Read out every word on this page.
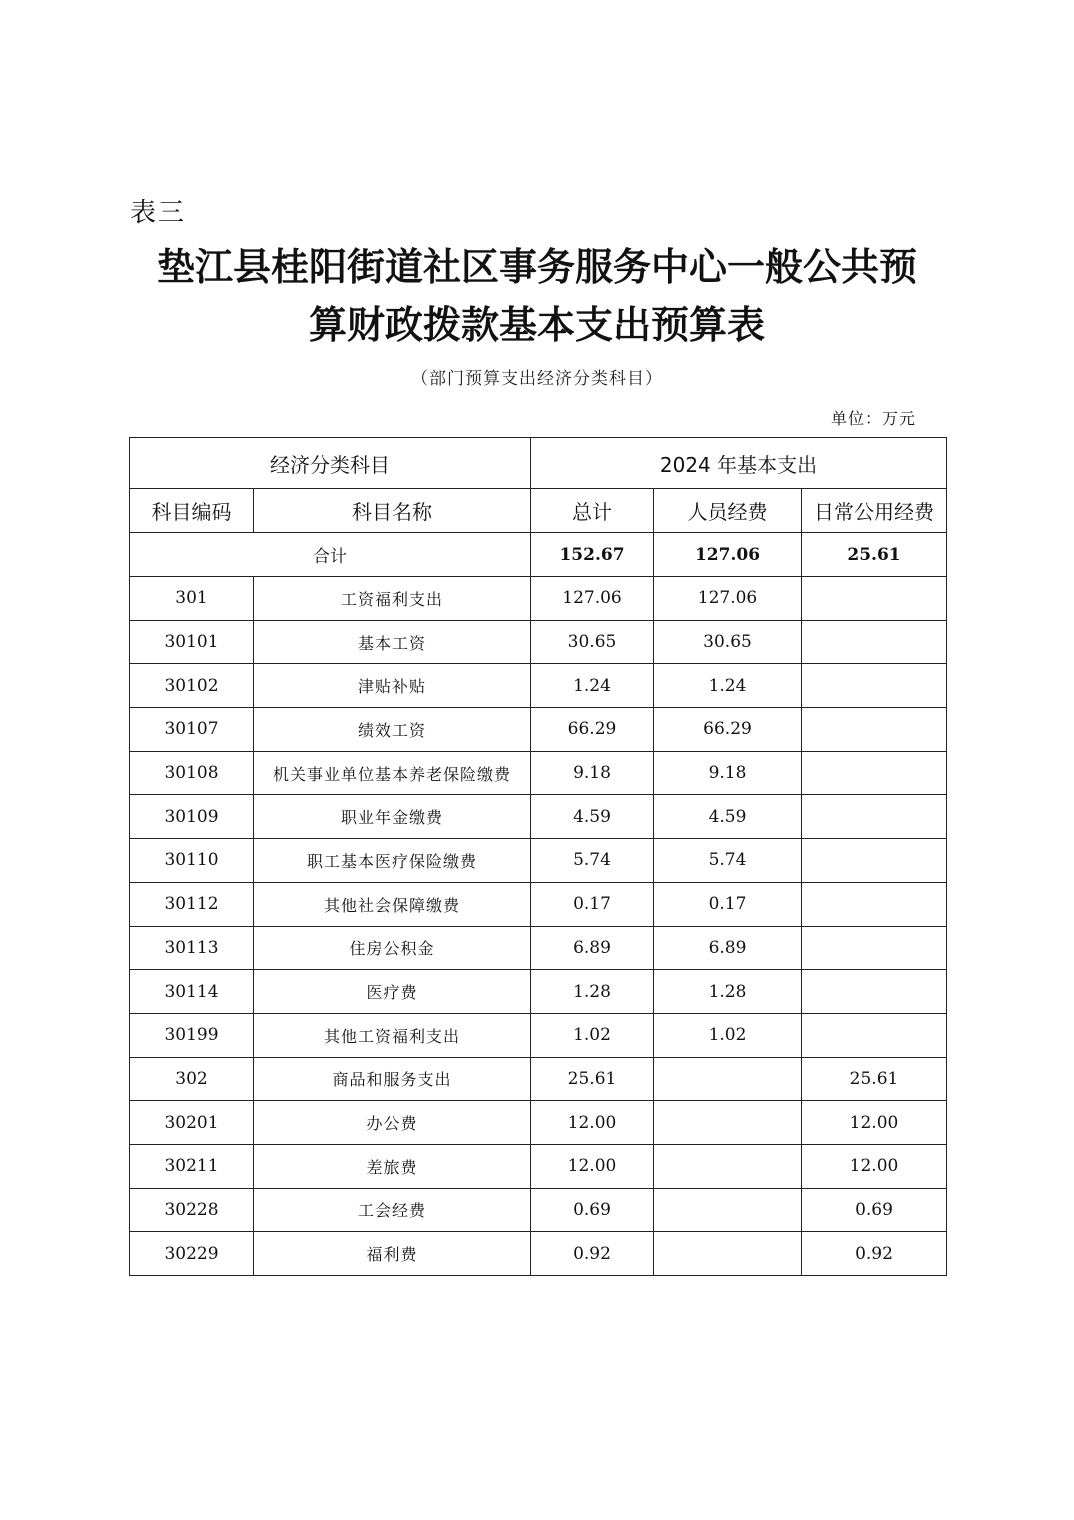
表三
垫江县桂阳街道社区事务服务中心一般公共预
算财政拨款基本支出预算表
（部门预算支出经济分类科目）
单位：万元
经济分类科目		2024 年基本支出		
科目编码	科目名称	总计	人员经费	日常公用经费
合计		152.67	127.06	25.61
301	工资福利支出	127.06	127.06	
30101	基本工资	30.65	30.65	
30102	津贴补贴	1.24	1.24	
30107	绩效工资	66.29	66.29	
30108	机关事业单位基本养老保险缴费	9.18	9.18	
30109	职业年金缴费	4.59	4.59	
30110	职工基本医疗保险缴费	5.74	5.74	
30112	其他社会保障缴费	0.17	0.17	
30113	住房公积金	6.89	6.89	
30114	医疗费	1.28	1.28	
30199	其他工资福利支出	1.02	1.02	
302	商品和服务支出	25.61		25.61
30201	办公费	12.00		12.00
30211	差旅费	12.00		12.00
30228	工会经费	0.69		0.69
30229	福利费	0.92		0.92
